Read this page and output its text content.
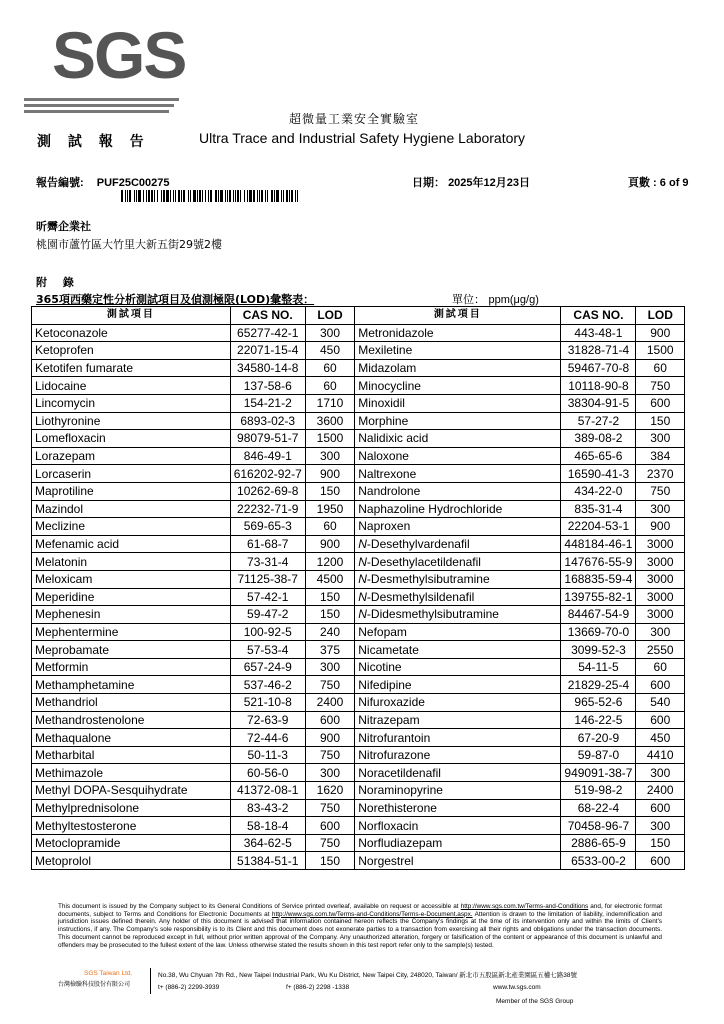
SGS
超微量工業安全實驗室
測 試 報 告	Ultra Trace and Industrial Safety Hygiene Laboratory
報告編號: PUF25C00275	日期： 2025年12月23日	頁數 : 6 of 9
昕霽企業社
桃園市蘆竹區大竹里大新五街29號2樓
附 錄
365項西藥定性分析測試項目及偵測極限(LOD)彙整表：	單位： ppm(μg/g)
測試項目	CAS NO.	LOD	測試項目	CAS NO.	LOD
Ketoconazole	65277-42-1	300	Metronidazole	443-48-1	900
Ketoprofen	22071-15-4	450	Mexiletine	31828-71-4	1500
Ketotifen fumarate	34580-14-8	60	Midazolam	59467-70-8	60
Lidocaine	137-58-6	60	Minocycline	10118-90-8	750
Lincomycin	154-21-2	1710	Minoxidil	38304-91-5	600
Liothyronine	6893-02-3	3600	Morphine	57-27-2	150
Lomefloxacin	98079-51-7	1500	Nalidixic acid	389-08-2	300
Lorazepam	846-49-1	300	Naloxone	465-65-6	384
Lorcaserin	616202-92-7	900	Naltrexone	16590-41-3	2370
Maprotiline	10262-69-8	150	Nandrolone	434-22-0	750
Mazindol	22232-71-9	1950	Naphazoline Hydrochloride	835-31-4	300
Meclizine	569-65-3	60	Naproxen	22204-53-1	900
Mefenamic acid	61-68-7	900	N-Desethylvardenafil	448184-46-1	3000
Melatonin	73-31-4	1200	N-Desethylacetildenafil	147676-55-9	3000
Meloxicam	71125-38-7	4500	N-Desmethylsibutramine	168835-59-4	3000
Meperidine	57-42-1	150	N-Desmethylsildenafil	139755-82-1	3000
Mephenesin	59-47-2	150	N-Didesmethylsibutramine	84467-54-9	3000
Mephentermine	100-92-5	240	Nefopam	13669-70-0	300
Meprobamate	57-53-4	375	Nicametate	3099-52-3	2550
Metformin	657-24-9	300	Nicotine	54-11-5	60
Methamphetamine	537-46-2	750	Nifedipine	21829-25-4	600
Methandriol	521-10-8	2400	Nifuroxazide	965-52-6	540
Methandrostenolone	72-63-9	600	Nitrazepam	146-22-5	600
Methaqualone	72-44-6	900	Nitrofurantoin	67-20-9	450
Metharbital	50-11-3	750	Nitrofurazone	59-87-0	4410
Methimazole	60-56-0	300	Noracetildenafil	949091-38-7	300
Methyl DOPA-Sesquihydrate	41372-08-1	1620	Noraminopyrine	519-98-2	2400
Methylprednisolone	83-43-2	750	Norethisterone	68-22-4	600
Methyltestosterone	58-18-4	600	Norfloxacin	70458-96-7	300
Metoclopramide	364-62-5	750	Norfludiazepam	2886-65-9	150
Metoprolol	51384-51-1	150	Norgestrel	6533-00-2	600
This document is issued by the Company subject to its General Conditions of Service printed overleaf, available on request or accessible at http://www.sgs.com.tw/Terms-and-Conditions and, for electronic format documents, subject to Terms and Conditions for Electronic Documents at http://www.sgs.com.tw/Terms-and-Conditions/Terms-e-Document.aspx. Attention is drawn to the limitation of liability, indemnification and jurisdiction issues defined therein. Any holder of this document is advised that information contained hereon reflects the Company's findings at the time of its intervention only and within the limits of Client's instructions, if any. The Company's sole responsibility is to its Client and this document does not exonerate parties to a transaction from exercising all their rights and obligations under the transaction documents. This document cannot be reproduced except in full, without prior written approval of the Company. Any unauthorized alteration, forgery or falsification of the content or appearance of this document is unlawful and offenders may be prosecuted to the fullest extent of the law. Unless otherwise stated the results shown in this test report refer only to the sample(s) tested.
SGS Taiwan Ltd.
台灣檢驗科技股份有限公司
No.38, Wu Chyuan 7th Rd., New Taipei Industrial Park, Wu Ku District, New Taipei City, 248020, Taiwan/ 新北市五股區新北產業園區五權七路38號
t+ (886-2) 2299-3939	f+ (886-2) 2298 -1338	www.tw.sgs.com
Member of the SGS Group
